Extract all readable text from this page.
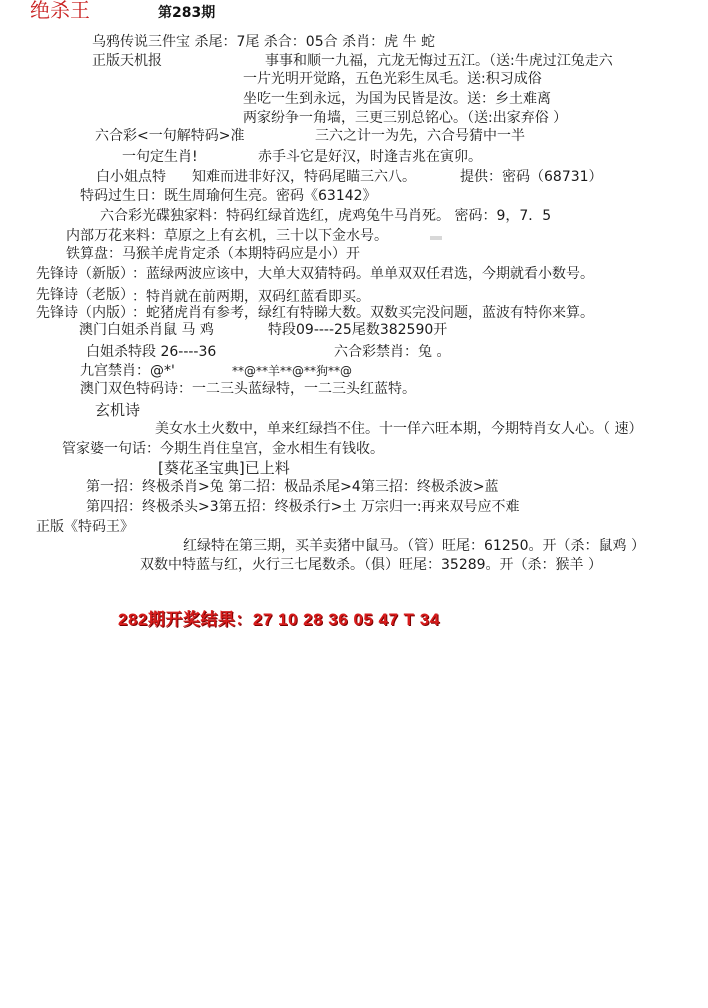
绝杀王	第283期
乌鸦传说三件宝 杀尾：7尾 杀合：05合 杀肖：虎 牛 蛇
正版天机报	事事和顺一九福，亢龙无悔过五江。（送:牛虎过江兔走六
一片光明开觉路，五色光彩生凤毛。送:积习成俗
坐吃一生到永远，为国为民皆是汝。送：乡土难离
两家纷争一角墙，三更三别总铭心。（送:出家弃俗 ）
六合彩<一句解特码>准	三六之计一为先，六合号猜中一半
一句定生肖!	赤手斗它是好汉，时逢吉兆在寅卯。
白小姐点特 知难而进非好汉，特码尾瞄三六八。	提供：密码（68731）
特码过生日：既生周瑜何生亮。密码《63142》
六合彩光碟独家料：特码红绿首选红，虎鸡兔牛马肖死。 密码：9，7．5
内部万花来料：草原之上有玄机，三十以下金水号。
铁算盘：马猴羊虎肯定杀（本期特码应是小）开
先锋诗（新版）
：蓝绿两波应该中，大单大双猜特码。单单双双任君选，今期就看小数号。
先锋诗（老版）
：特肖就在前两期，双码红蓝看即买。
先锋诗（内版）
：蛇猪虎肖有参考，绿红有特睇大数。双数买完没问题，蓝波有特你来算。
澳门白姐杀肖鼠 马 鸡	特段09----25尾数382590开
白姐杀特段 26----36	六合彩禁肖：兔 。
九宫禁肖：@*'	**@**羊**@**狗**@
澳门双色特码诗：一二三头蓝绿特，一二三头红蓝特。
玄机诗
美女水土火数中，单来红绿挡不住。十一佯六旺本期，今期特肖女人心。（ 速）
管家婆一句话：今期生肖住皇宫，金水相生有钱收。
[葵花圣宝典]已上料
第一招：终极杀肖>兔 第二招：极品杀尾>4第三招：终极杀波>蓝
第四招：终极杀头>3第五招：终极杀行>土 万宗归一:再来双号应不难
正版《特码王》
红绿特在第三期，买羊卖猪中鼠马。（管）旺尾：61250。开（杀：鼠鸡 ）
双数中特蓝与红，火行三七尾数杀。（俱）旺尾：35289。开（杀：猴羊 ）
282期开奖结果：27 10 28 36 05 47 T 34
